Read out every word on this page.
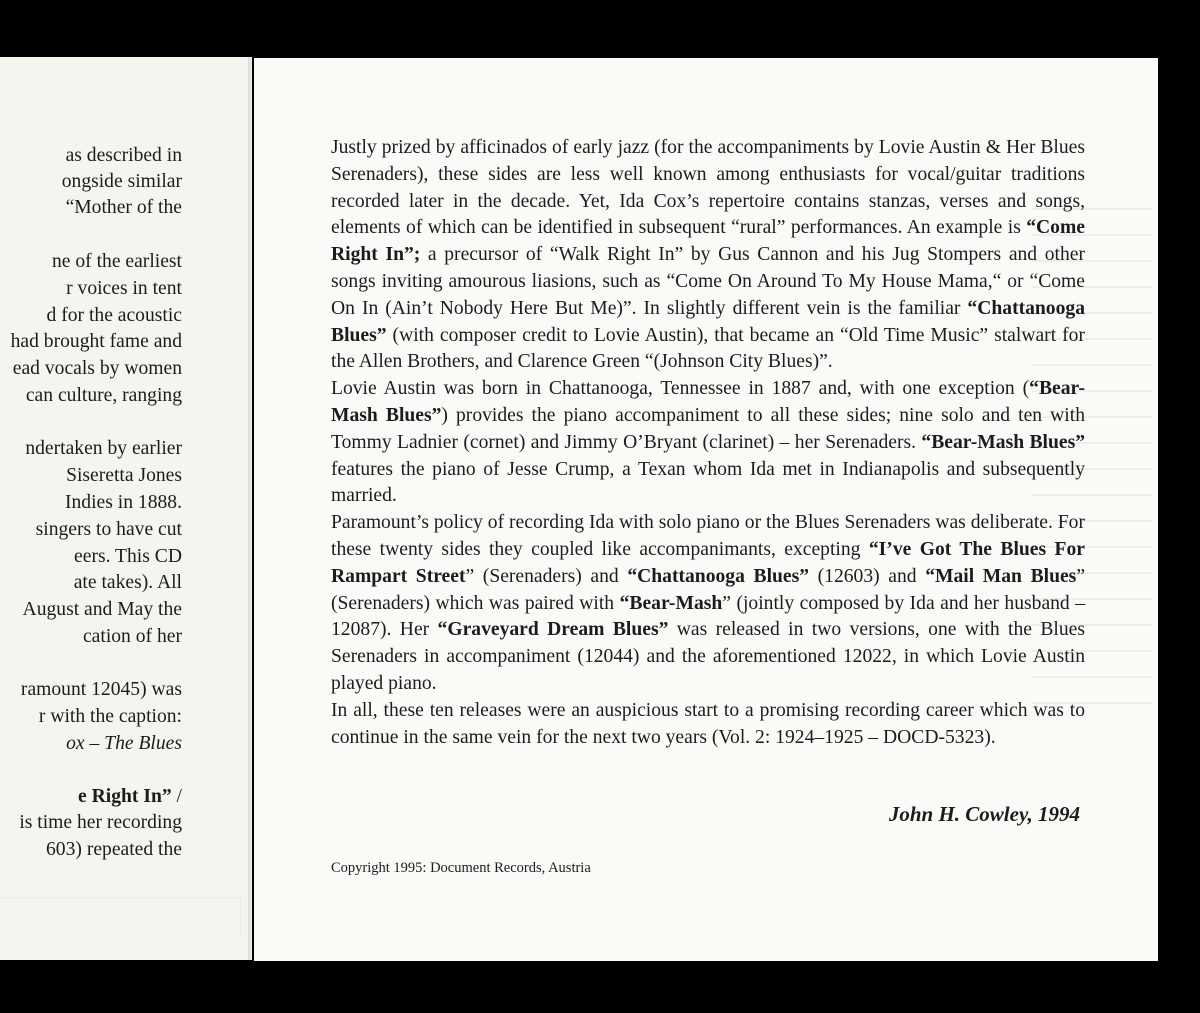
as described in
ongside similar
“Mother of the
ne of the earliest
r voices in tent
d for the acoustic
had brought fame and
ead vocals by women
can culture, ranging
ndertaken by earlier
Siseretta Jones
Indies in 1888.
singers to have cut
eers. This CD
ate takes). All
August and May the
cation of her
ramount 12045) was
r with the caption:
ox – The Blues
e Right In” /
is time her recording
603) repeated the

Justly prized by afficinados of early jazz (for the accompaniments by Lovie Austin & Her Blues Serenaders), these sides are less well known among enthusiasts for vocal/guitar traditions recorded later in the decade. Yet, Ida Cox’s repertoire contains stanzas, verses and songs, elements of which can be identified in subsequent “rural” performances. An example is “Come Right In”; a precursor of “Walk Right In” by Gus Cannon and his Jug Stompers and other songs inviting amourous liasions, such as “Come On Around To My House Mama,“ or “Come On In (Ain’t Nobody Here But Me)”. In slightly different vein is the familiar “Chattanooga Blues” (with composer credit to Lovie Austin), that became an “Old Time Music” stalwart for the Allen Brothers, and Clarence Green “(Johnson City Blues)”.

Lovie Austin was born in Chattanooga, Tennessee in 1887 and, with one exception (“Bear-Mash Blues”) provides the piano accompaniment to all these sides; nine solo and ten with Tommy Ladnier (cornet) and Jimmy O’Bryant (clarinet) – her Serenaders. “Bear-Mash Blues” features the piano of Jesse Crump, a Texan whom Ida met in Indianapolis and subsequently married.

Paramount’s policy of recording Ida with solo piano or the Blues Serenaders was deliberate. For these twenty sides they coupled like accompanimants, excepting “I’ve Got The Blues For Rampart Street” (Serenaders) and “Chattanooga Blues” (12603) and “Mail Man Blues” (Serenaders) which was paired with “Bear-Mash” (jointly composed by Ida and her husband – 12087). Her “Graveyard Dream Blues” was released in two versions, one with the Blues Serenaders in accompaniment (12044) and the aforementioned 12022, in which Lovie Austin played piano.

In all, these ten releases were an auspicious start to a promising recording career which was to continue in the same vein for the next two years (Vol. 2: 1924–1925 – DOCD-5323).

John H. Cowley, 1994
Copyright 1995: Document Records, Austria
